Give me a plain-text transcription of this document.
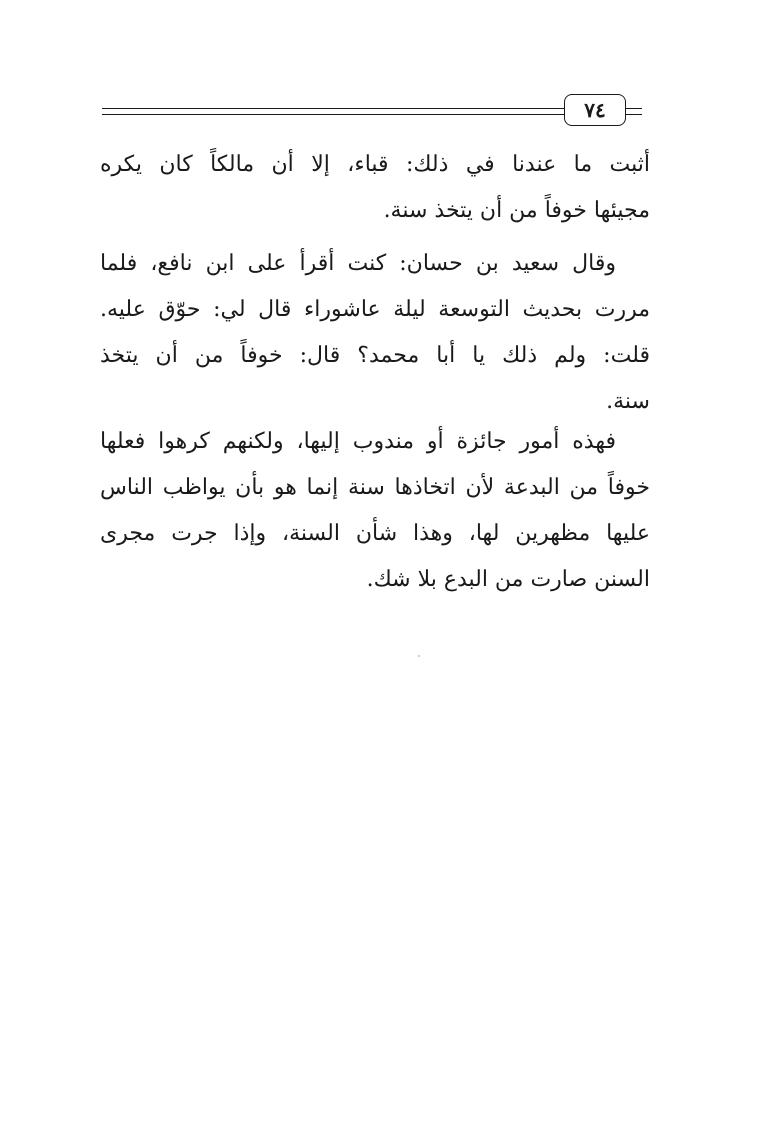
٧٤
أثبت ما عندنا في ذلك: قباء، إلا أن مالكاً كان يكره
مجيئها خوفاً من أن يتخذ سنة.
وقال سعيد بن حسان: كنت أقرأ على ابن نافع، فلما
مررت بحديث التوسعة ليلة عاشوراء قال لي: حوّق عليه.
قلت: ولم ذلك يا أبا محمد؟ قال: خوفاً من أن يتخذ
سنة.
فهذه أمور جائزة أو مندوب إليها، ولكنهم كرهوا فعلها
خوفاً من البدعة لأن اتخاذها سنة إنما هو بأن يواظب الناس
عليها مظهرين لها، وهذا شأن السنة، وإذا جرت مجرى
السنن صارت من البدع بلا شك.
